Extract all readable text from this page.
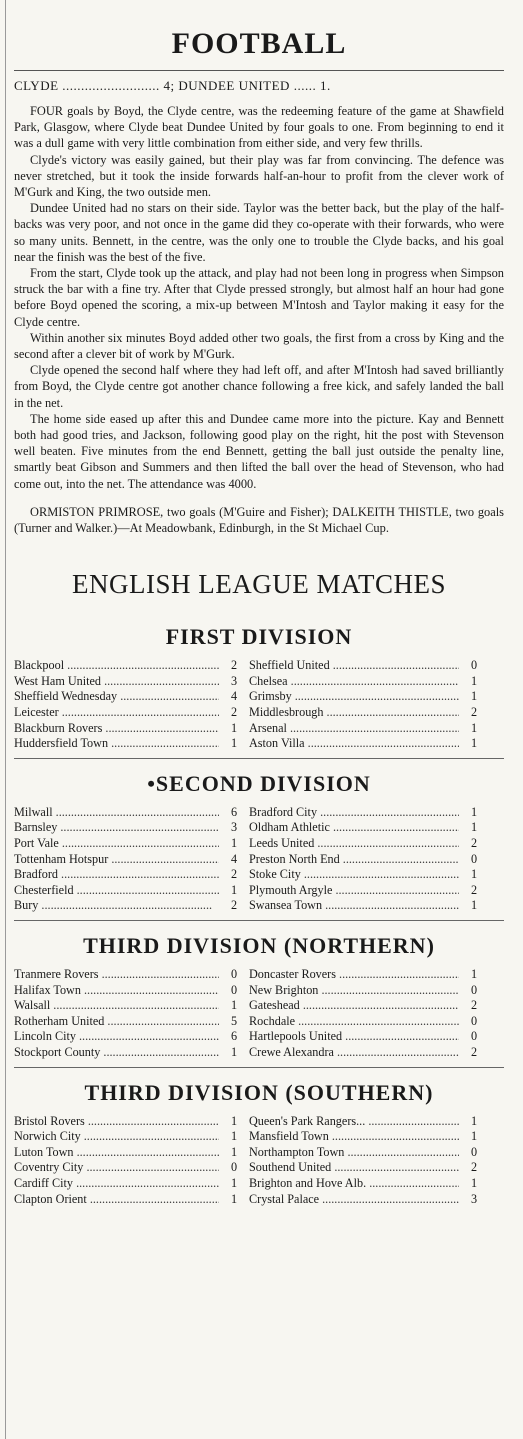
FOOTBALL
CLYDE .......................... 4; DUNDEE UNITED ...... 1.

FOUR goals by Boyd, the Clyde centre, was the redeeming feature of the game at Shawfield Park, Glasgow, where Clyde beat Dundee United by four goals to one. From beginning to end it was a dull game with very little combination from either side, and very few thrills.

Clyde's victory was easily gained, but their play was far from convincing. The defence was never stretched, but it took the inside forwards half-an-hour to profit from the clever work of M'Gurk and King, the two outside men.

Dundee United had no stars on their side. Taylor was the better back, but the play of the half-backs was very poor, and not once in the game did they co-operate with their forwards, who were so many units. Bennett, in the centre, was the only one to trouble the Clyde backs, and his goal near the finish was the best of the five.

From the start, Clyde took up the attack, and play had not been long in progress when Simpson struck the bar with a fine try. After that Clyde pressed strongly, but almost half an hour had gone before Boyd opened the scoring, a mix-up between M'Intosh and Taylor making it easy for the Clyde centre.

Within another six minutes Boyd added other two goals, the first from a cross by King and the second after a clever bit of work by M'Gurk.

Clyde opened the second half where they had left off, and after M'Intosh had saved brilliantly from Boyd, the Clyde centre got another chance following a free kick, and safely landed the ball in the net.

The home side eased up after this and Dundee came more into the picture. Kay and Bennett both had good tries, and Jackson, following good play on the right, hit the post with Stevenson well beaten. Five minutes from the end Bennett, getting the ball just outside the penalty line, smartly beat Gibson and Summers and then lifted the ball over the head of Stevenson, who had come out, into the net. The attendance was 4000.

ORMISTON PRIMROSE, two goals (M'Guire and Fisher); DALKEITH THISTLE, two goals (Turner and Walker.)—At Meadowbank, Edinburgh, in the St Michael Cup.

ENGLISH LEAGUE MATCHES
FIRST DIVISION
Blackpool .....	2 Sheffield United .....	0
West Ham United .....	3 Chelsea .....	1
Sheffield Wednesday .....	4 Grimsby .....	1
Leicester .....	2 Middlesbrough .....	2
Blackburn Rovers .....	1 Arsenal .....	1
Huddersfield Town .....	1 Aston Villa .....	1
•SECOND DIVISION
Milwall .....	6 Bradford City .....	1
Barnsley .....	3 Oldham Athletic .....	1
Port Vale .....	1 Leeds United .....	2
Tottenham Hotspur .....	4 Preston North End .....	0
Bradford .....	2 Stoke City .....	1
Chesterfield .....	1 Plymouth Argyle .....	2
Bury .....	2 Swansea Town .....	1
THIRD DIVISION (NORTHERN)
Tranmere Rovers .....	0 Doncaster Rovers .....	1
Halifax Town .....	0 New Brighton .....	0
Walsall .....	1 Gateshead .....	2
Rotherham United .....	5 Rochdale .....	0
Lincoln City .....	6 Hartlepools United .....	0
Stockport County .....	1 Crewe Alexandra .....	2
THIRD DIVISION (SOUTHERN)
Bristol Rovers .....	1 Queen's Park Rangers... .....	1
Norwich City .....	1 Mansfield Town .....	1
Luton Town .....	1 Northampton Town .....	0
Coventry City .....	0 Southend United .....	2
Cardiff City .....	1 Brighton and Hove Alb. .....	1
Clapton Orient .....	1 Crystal Palace .....	3
